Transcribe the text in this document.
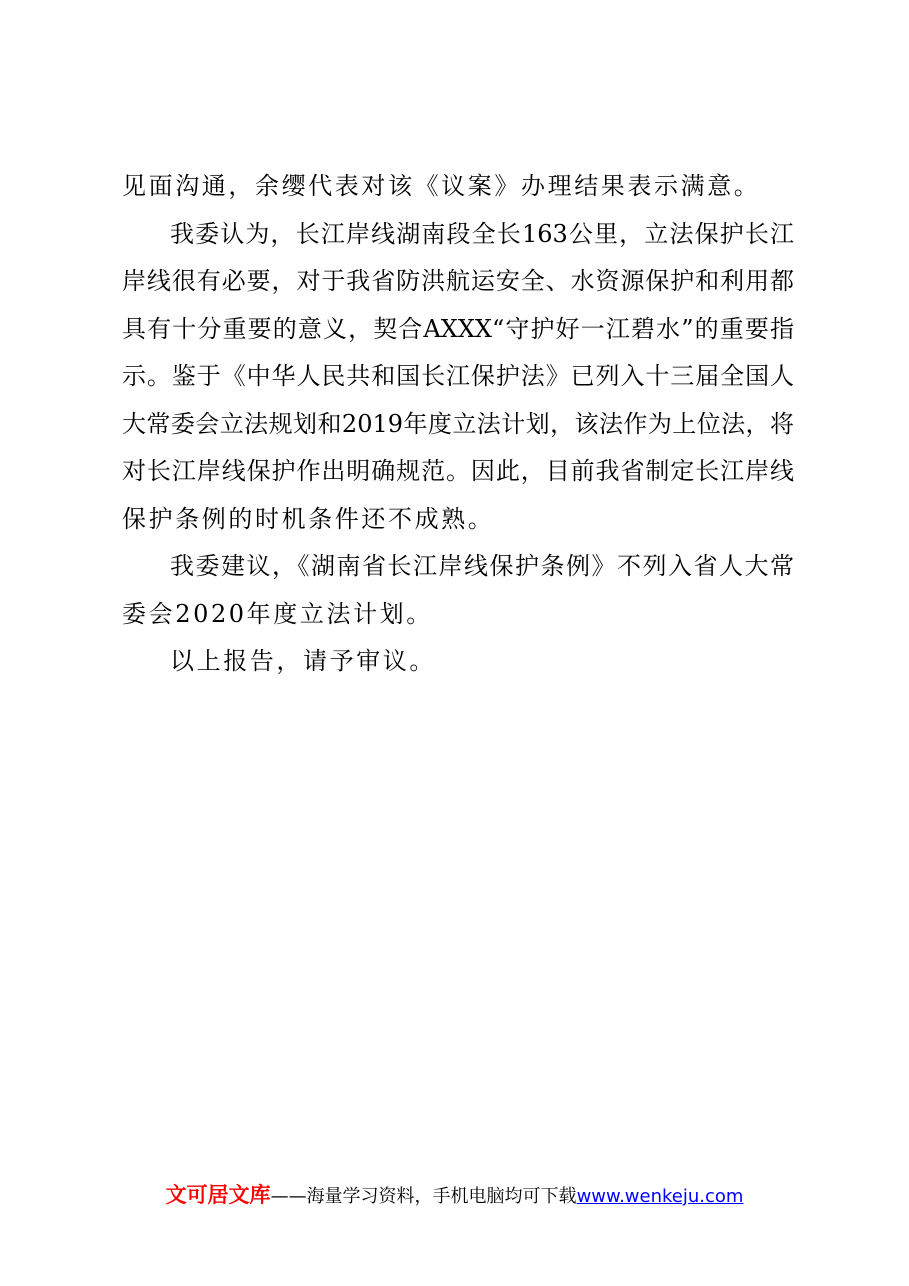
见面沟通，余缨代表对该《议案》办理结果表示满意。
我委认为，长江岸线湖南段全长163公里，立法保护长江
岸线很有必要，对于我省防洪航运安全、水资源保护和利用都
具有十分重要的意义，契合AXXX“守护好一江碧水”的重要指
示。鉴于《中华人民共和国长江保护法》已列入十三届全国人
大常委会立法规划和2019年度立法计划，该法作为上位法，将
对长江岸线保护作出明确规范。因此，目前我省制定长江岸线
保护条例的时机条件还不成熟。
我委建议，《湖南省长江岸线保护条例》不列入省人大常
委会2020年度立法计划。
以上报告，请予审议。
文可居文库——海量学习资料，手机电脑均可下载www.wenkeju.com
